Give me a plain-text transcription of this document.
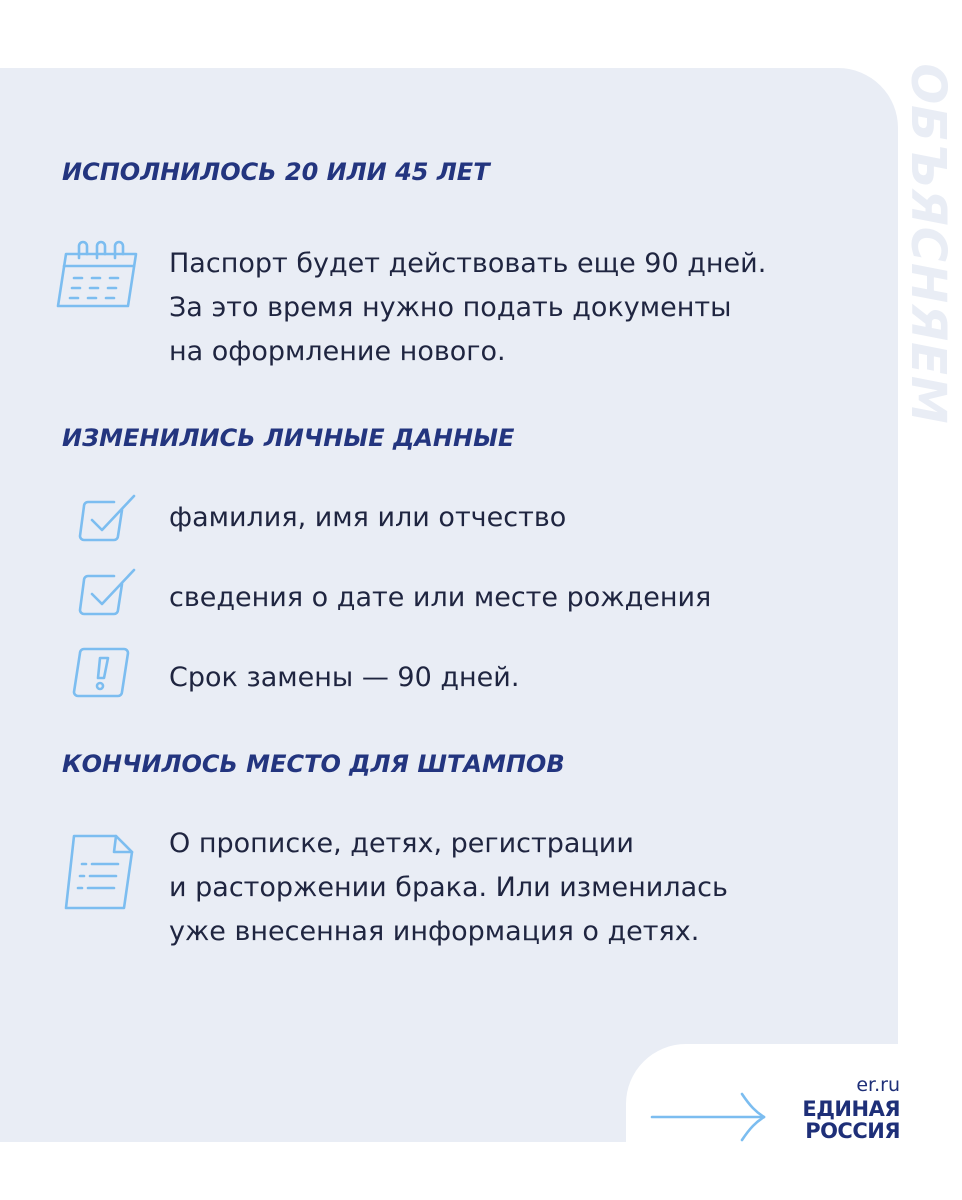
ОБЪЯСНЯЕМ
ИСПОЛНИЛОСЬ 20 ИЛИ 45 ЛЕТ
Паспорт будет действовать еще 90 дней.
За это время нужно подать документы
на оформление нового.
ИЗМЕНИЛИСЬ ЛИЧНЫЕ ДАННЫЕ
фамилия, имя или отчество
сведения о дате или месте рождения
Срок замены — 90 дней.
КОНЧИЛОСЬ МЕСТО ДЛЯ ШТАМПОВ
О прописке, детях, регистрации
и расторжении брака. Или изменилась
уже внесенная информация о детях.
er.ru
ЕДИНАЯ
РОССИЯ
